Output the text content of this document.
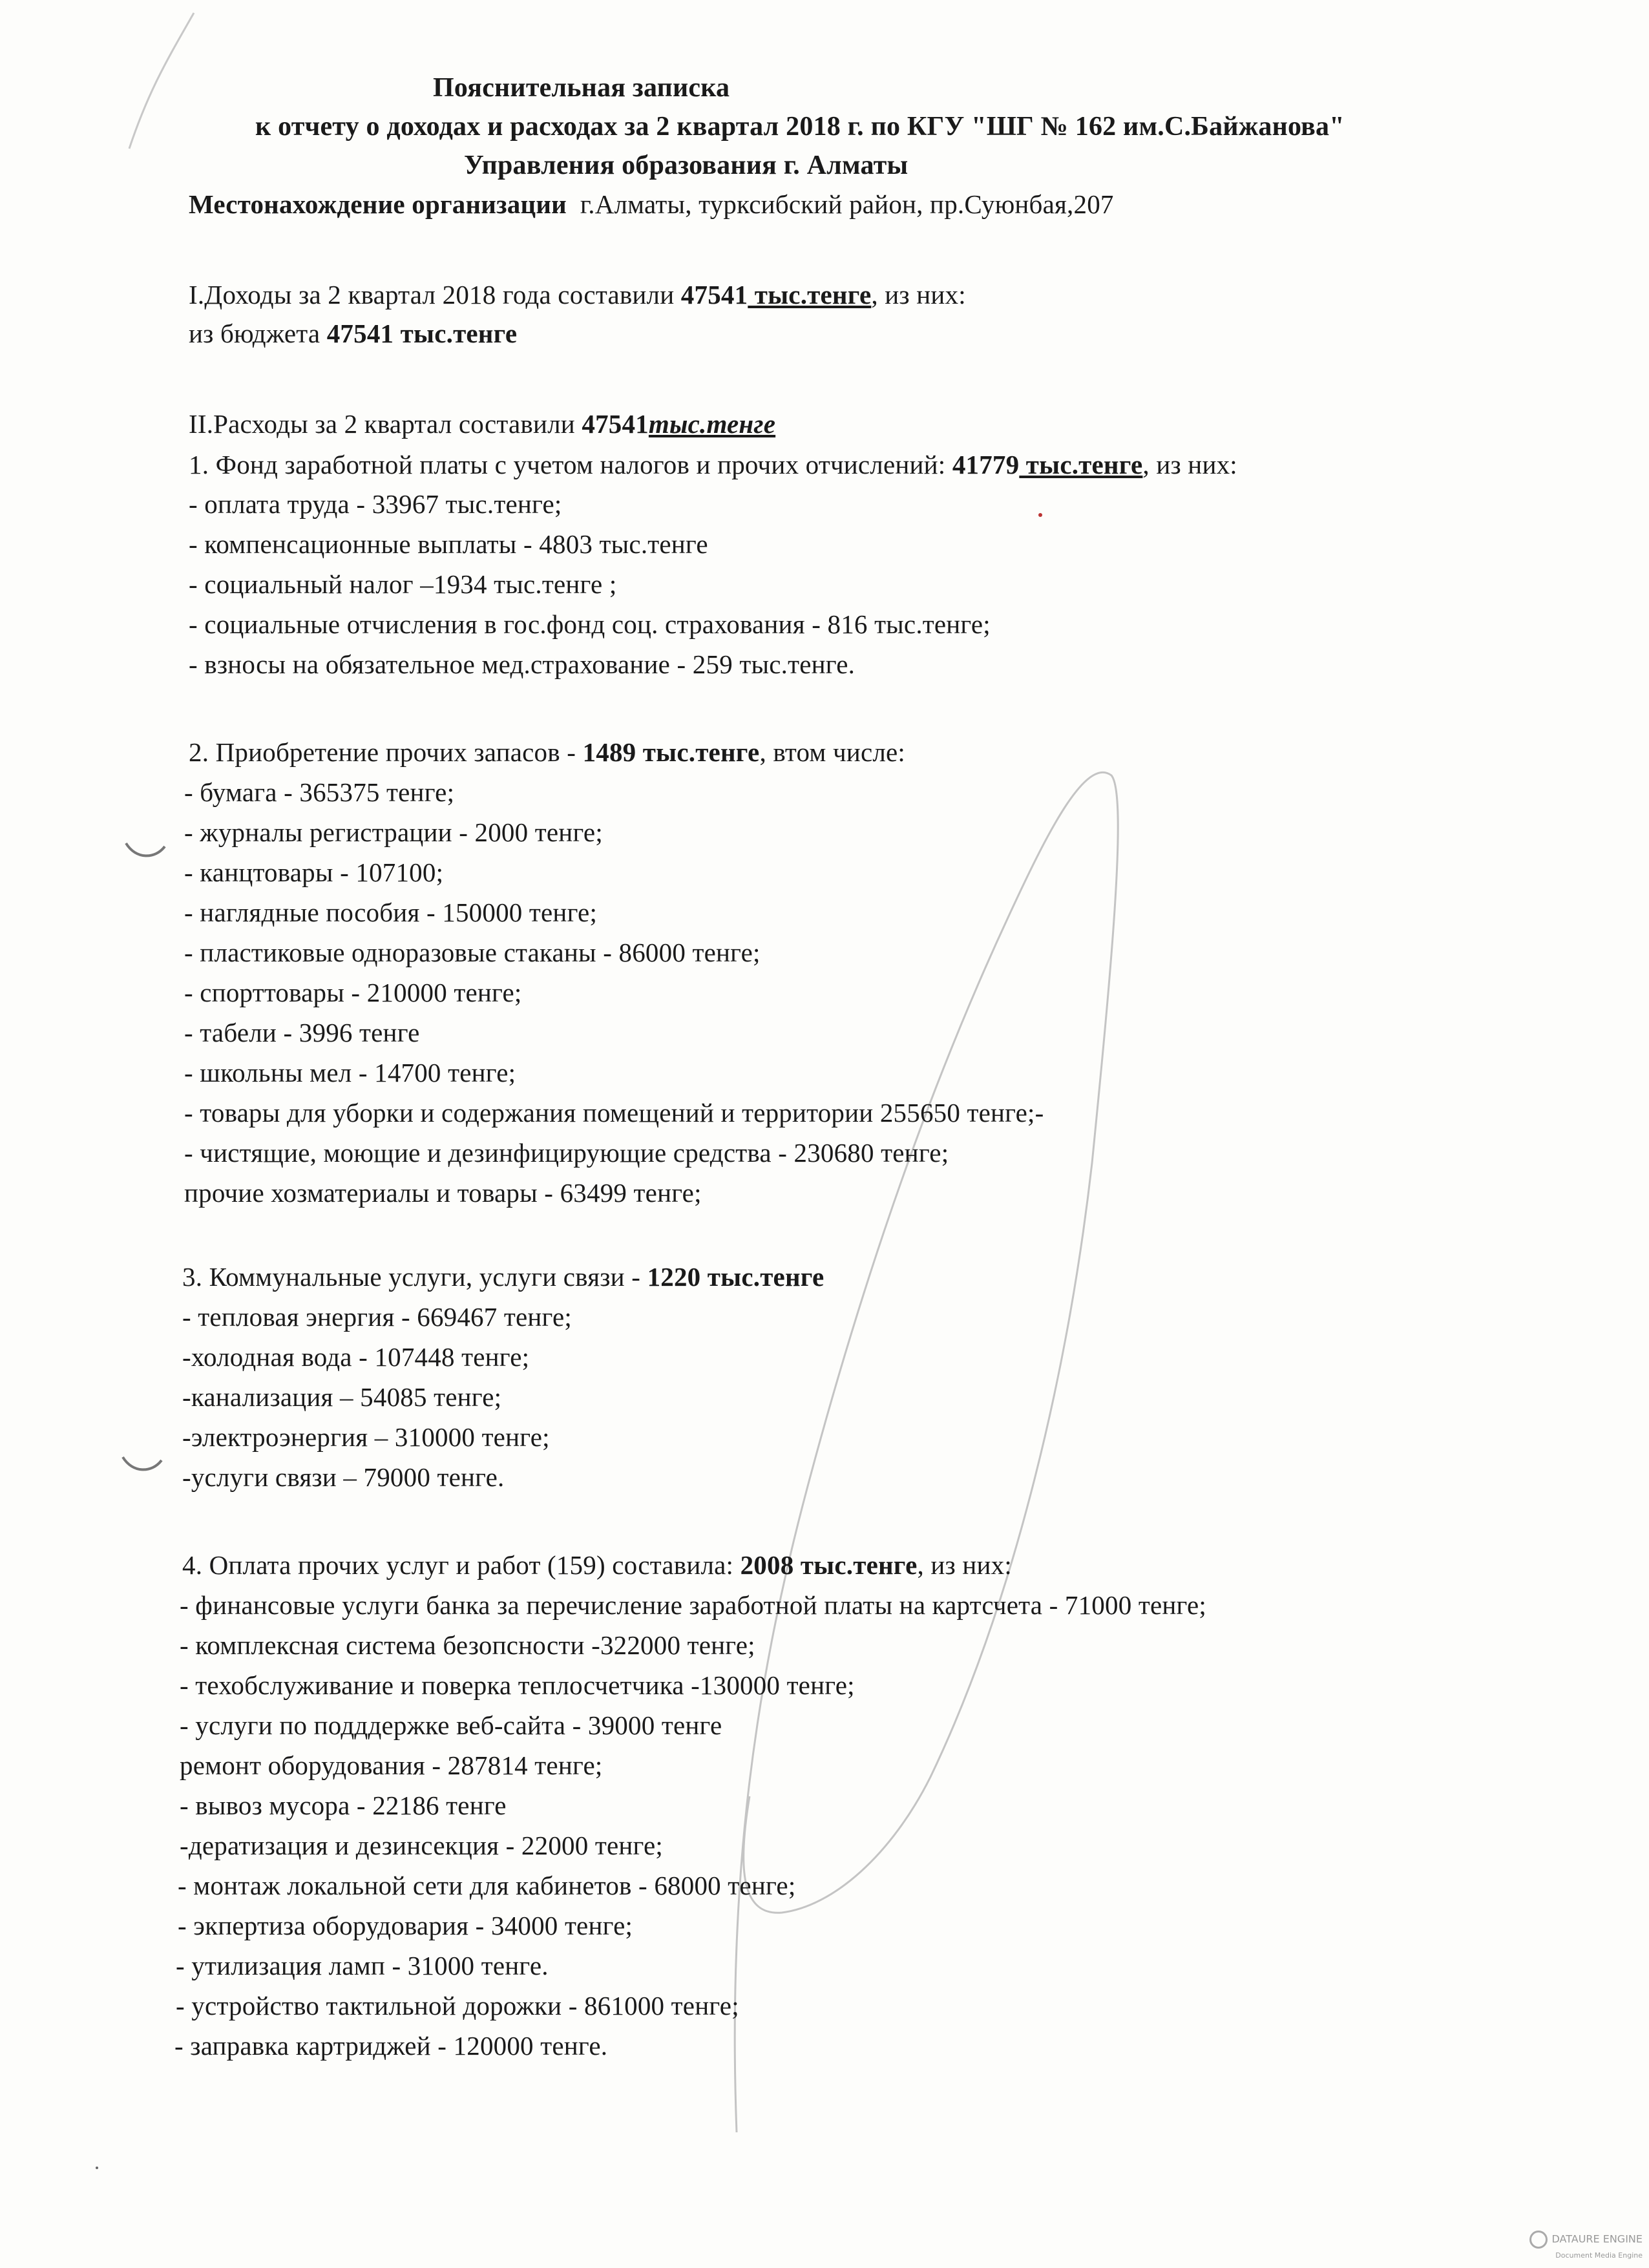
Пояснительная записка
к отчету о доходах и расходах за 2 квартал 2018 г. по КГУ "ШГ № 162 им.С.Байжанова"
Управления образования г. Алматы
Местонахождение организации г.Алматы, турксибский район, пр.Суюнбая,207
I.Доходы за 2 квартал 2018 года составили 47541 тыс.тенге, из них:
из бюджета 47541 тыс.тенге
II.Расходы за 2 квартал составили 47541тыс.тенге
1. Фонд заработной платы с учетом налогов и прочих отчислений: 41779 тыс.тенге, из них:
- оплата труда - 33967 тыс.тенге;
- компенсационные выплаты - 4803 тыс.тенге
- социальный налог –1934 тыс.тенге ;
- социальные отчисления в гос.фонд соц. страхования - 816 тыс.тенге;
- взносы на обязательное мед.страхование - 259 тыс.тенге.
2. Приобретение прочих запасов - 1489 тыс.тенге, втом числе:
- бумага - 365375 тенге;
- журналы регистрации - 2000 тенге;
- канцтовары - 107100;
- наглядные пособия - 150000 тенге;
- пластиковые одноразовые стаканы - 86000 тенге;
- спорттовары - 210000 тенге;
- табели - 3996 тенге
- школьны мел - 14700 тенге;
- товары для уборки и содержания помещений и территории 255650 тенге;-
- чистящие, моющие и дезинфицирующие средства - 230680 тенге;
прочие хозматериалы и товары - 63499 тенге;
3. Коммунальные услуги, услуги связи - 1220 тыс.тенге
- тепловая энергия - 669467 тенге;
-холодная вода - 107448 тенге;
-канализация – 54085 тенге;
-электроэнергия – 310000 тенге;
-услуги связи – 79000 тенге.
4. Оплата прочих услуг и работ (159) составила: 2008 тыс.тенге, из них:
- финансовые услуги банка за перечисление заработной платы на картсчета - 71000 тенге;
- комплексная система безопсности -322000 тенге;
- техобслуживание и поверка теплосчетчика -130000 тенге;
- услуги по подддержке веб-сайта - 39000 тенге
ремонт оборудования - 287814 тенге;
- вывоз мусора - 22186 тенге
-дератизация и дезинсекция - 22000 тенге;
- монтаж локальной сети для кабинетов - 68000 тенге;
- экпертиза оборудовария - 34000 тенге;
- утилизация ламп - 31000 тенге.
- устройство тактильной дорожки - 861000 тенге;
- заправка картриджей - 120000 тенге.
DATAURE ENGINE
Document Media Engine
